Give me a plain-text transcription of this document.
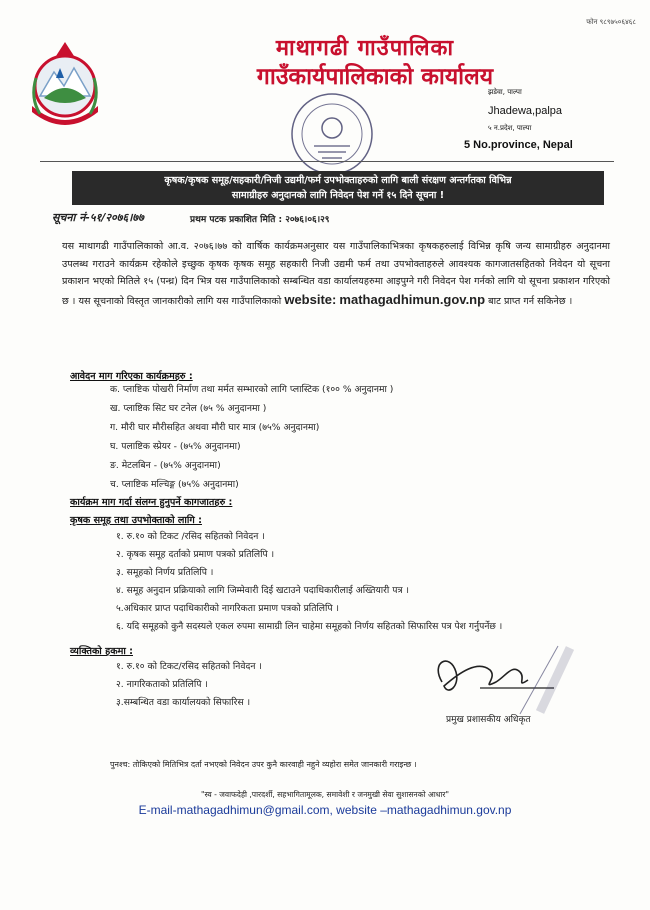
फोन ९८९७५०६४६८
माथागढी गाउँपालिका
गाउँकार्यपालिकाको कार्यालय
झडेवा, पाल्पा
Jhadewa,palpa
५ न.प्रदेश, पाल्पा
5 No.province, Nepal
कृषक/कृषक समूह/सहकारी/निजी उद्यमी/फर्म उपभोक्ताहरुको लागि बाली संरक्षण अन्तर्गतका विभिन्न
सामाग्रीहरु अनुदानको लागि निवेदन पेश गर्ने १५ दिने सूचना !
सूचना नं-५१/२०७६।७७	प्रथम पटक प्रकाशित मिति : २०७६।०६।२९
यस माथागढी गाउँपालिकाको आ.व. २०७६।७७ को वार्षिक कार्यक्रमअनुसार यस गाउँपालिकाभित्रका कृषकहरुलाई विभिन्न कृषि जन्य सामाग्रीहरु अनुदानमा उपलब्ध गराउने कार्यक्रम रहेकोले इच्छुक कृषक कृषक समूह सहकारी निजी उद्यमी फर्म तथा उपभोक्ताहरुले आवश्यक कागजातसहितको निवेदन यो सूचना प्रकाशन भएको मितिले १५ (पन्ध्र) दिन भित्र यस गाउँपालिकाको सम्बन्धित वडा कार्यालयहरुमा आइपुग्ने गरी निवेदन पेश गर्नको लागि यो सूचना प्रकाशन गरिएको छ । यस सूचनाको विस्तृत जानकारीको लागि यस गाउँपालिकाको website: mathagadhimun.gov.np बाट प्राप्त गर्न सकिनेछ ।
आवेदन माग गरिएका कार्यक्रमहरु :
क. प्लाष्टिक पोखरी निर्माण तथा मर्मत सम्भारको लागि प्लास्टिक (१०० % अनुदानमा )
ख. प्लाष्टिक सिट घर टनेल (७५ % अनुदानमा )
ग. मौरी घार मौरीसहित अथवा मौरी घार मात्र (७५% अनुदानमा)
घ. पलाष्टिक स्प्रेयर - (७५% अनुदानमा)
ङ. मेटलबिन - (७५% अनुदानमा)
च. प्लाष्टिक मल्चिङ्ग (७५% अनुदानमा)
कार्यक्रम माग गर्दा संलग्न हुनुपर्ने कागजातहरु :
कृषक समूह तथा उपभोक्ताको लागि :
१. रु.१० को टिकट /रसिद सहितको निवेदन ।
२. कृषक समूह दर्ताको प्रमाण पत्रको प्रतिलिपि ।
३. समूहको निर्णय प्रतिलिपि ।
४. समूह अनुदान प्रक्रियाको लागि जिम्मेवारी दिई खटाउने पदाधिकारीलाई अख्तियारी पत्र ।
५.अधिकार प्राप्त पदाधिकारीको नागरिकता प्रमाण पत्रको प्रतिलिपि ।
६. यदि समूहको कुनै सदस्यले एकल रुपमा सामाग्री लिन चाहेमा समूहको निर्णय सहितको सिफारिस पत्र पेश गर्नुपर्नेछ ।
व्यक्तिको हकमा :
१. रु.१० को टिकट/रसिद सहितको निवेदन ।
२. नागरिकताको प्रतिलिपि ।
३.सम्बन्धित वडा कार्यालयको सिफारिस ।
प्रमुख प्रशासकीय अधिकृत
पुनश्च: तोकिएको मितिभित्र दर्ता नभएको निवेदन उपर कुनै कारवाही नहुने व्यहोरा समेत जानकारी गराइन्छ ।
"स्व - जवाफदेही ,पारदर्शी, सहभागितामूलक, समावेशी र जनमुखी सेवा सुशासनको आधार"
E-mail-mathagadhimun@gmail.com, website –mathagadhimun.gov.np
